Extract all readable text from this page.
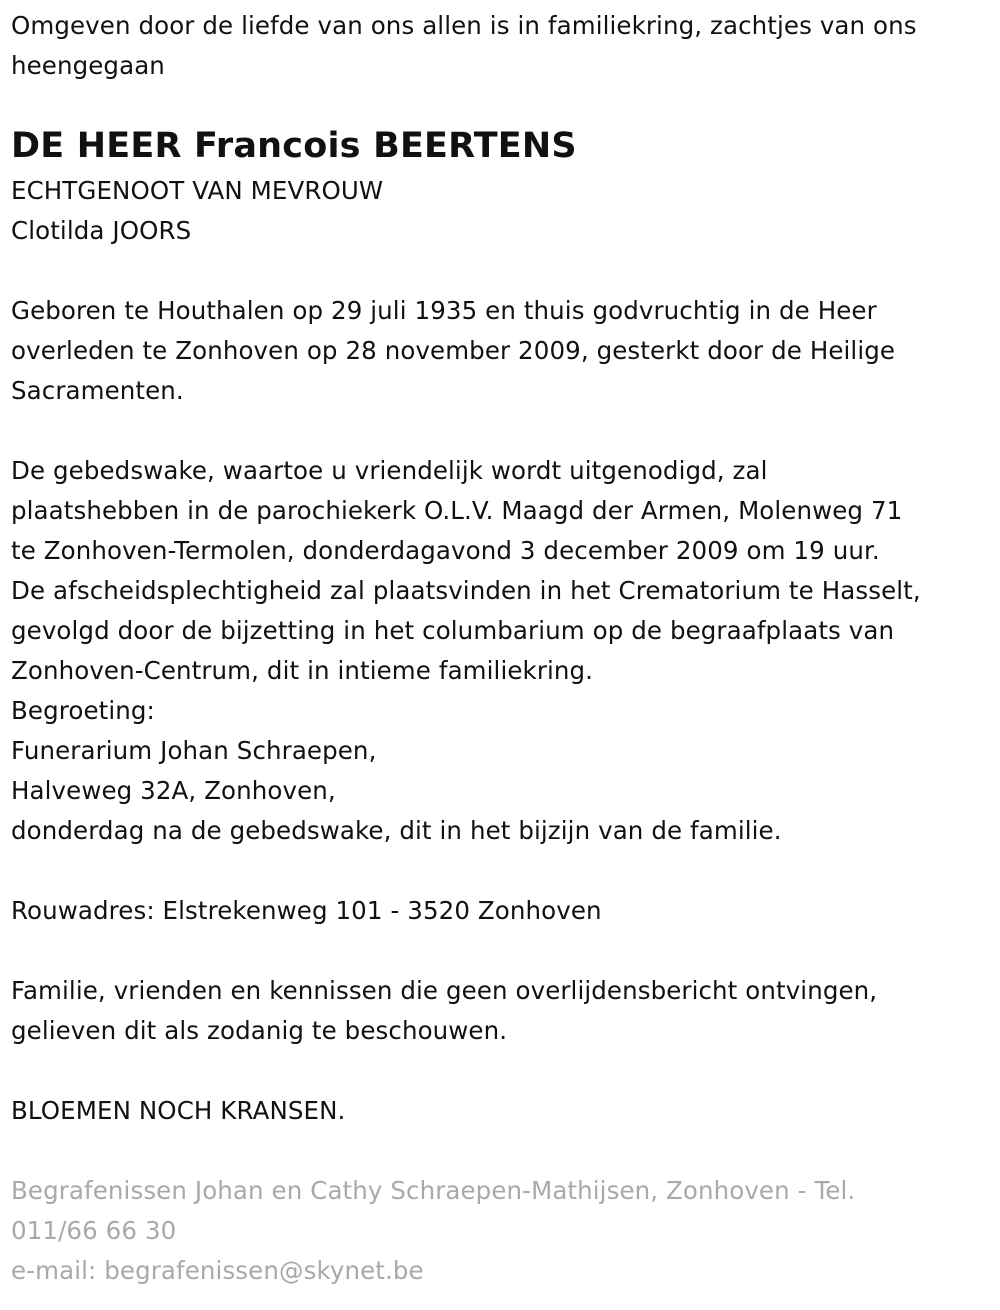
Omgeven door de liefde van ons allen is in familiekring, zachtjes van ons
heengegaan
DE HEER Francois BEERTENS
ECHTGENOOT VAN MEVROUW
Clotilda JOORS
Geboren te Houthalen op 29 juli 1935 en thuis godvruchtig in de Heer
overleden te Zonhoven op 28 november 2009, gesterkt door de Heilige
Sacramenten.
De gebedswake, waartoe u vriendelijk wordt uitgenodigd, zal
plaatshebben in de parochiekerk O.L.V. Maagd der Armen, Molenweg 71
te Zonhoven-Termolen, donderdagavond 3 december 2009 om 19 uur.
De afscheidsplechtigheid zal plaatsvinden in het Crematorium te Hasselt,
gevolgd door de bijzetting in het columbarium op de begraafplaats van
Zonhoven-Centrum, dit in intieme familiekring.
Begroeting:
Funerarium Johan Schraepen,
Halveweg 32A, Zonhoven,
donderdag na de gebedswake, dit in het bijzijn van de familie.
Rouwadres: Elstrekenweg 101 - 3520 Zonhoven
Familie, vrienden en kennissen die geen overlijdensbericht ontvingen,
gelieven dit als zodanig te beschouwen.
BLOEMEN NOCH KRANSEN.
Begrafenissen Johan en Cathy Schraepen-Mathijsen, Zonhoven - Tel.
011/66 66 30
e-mail: begrafenissen@skynet.be
